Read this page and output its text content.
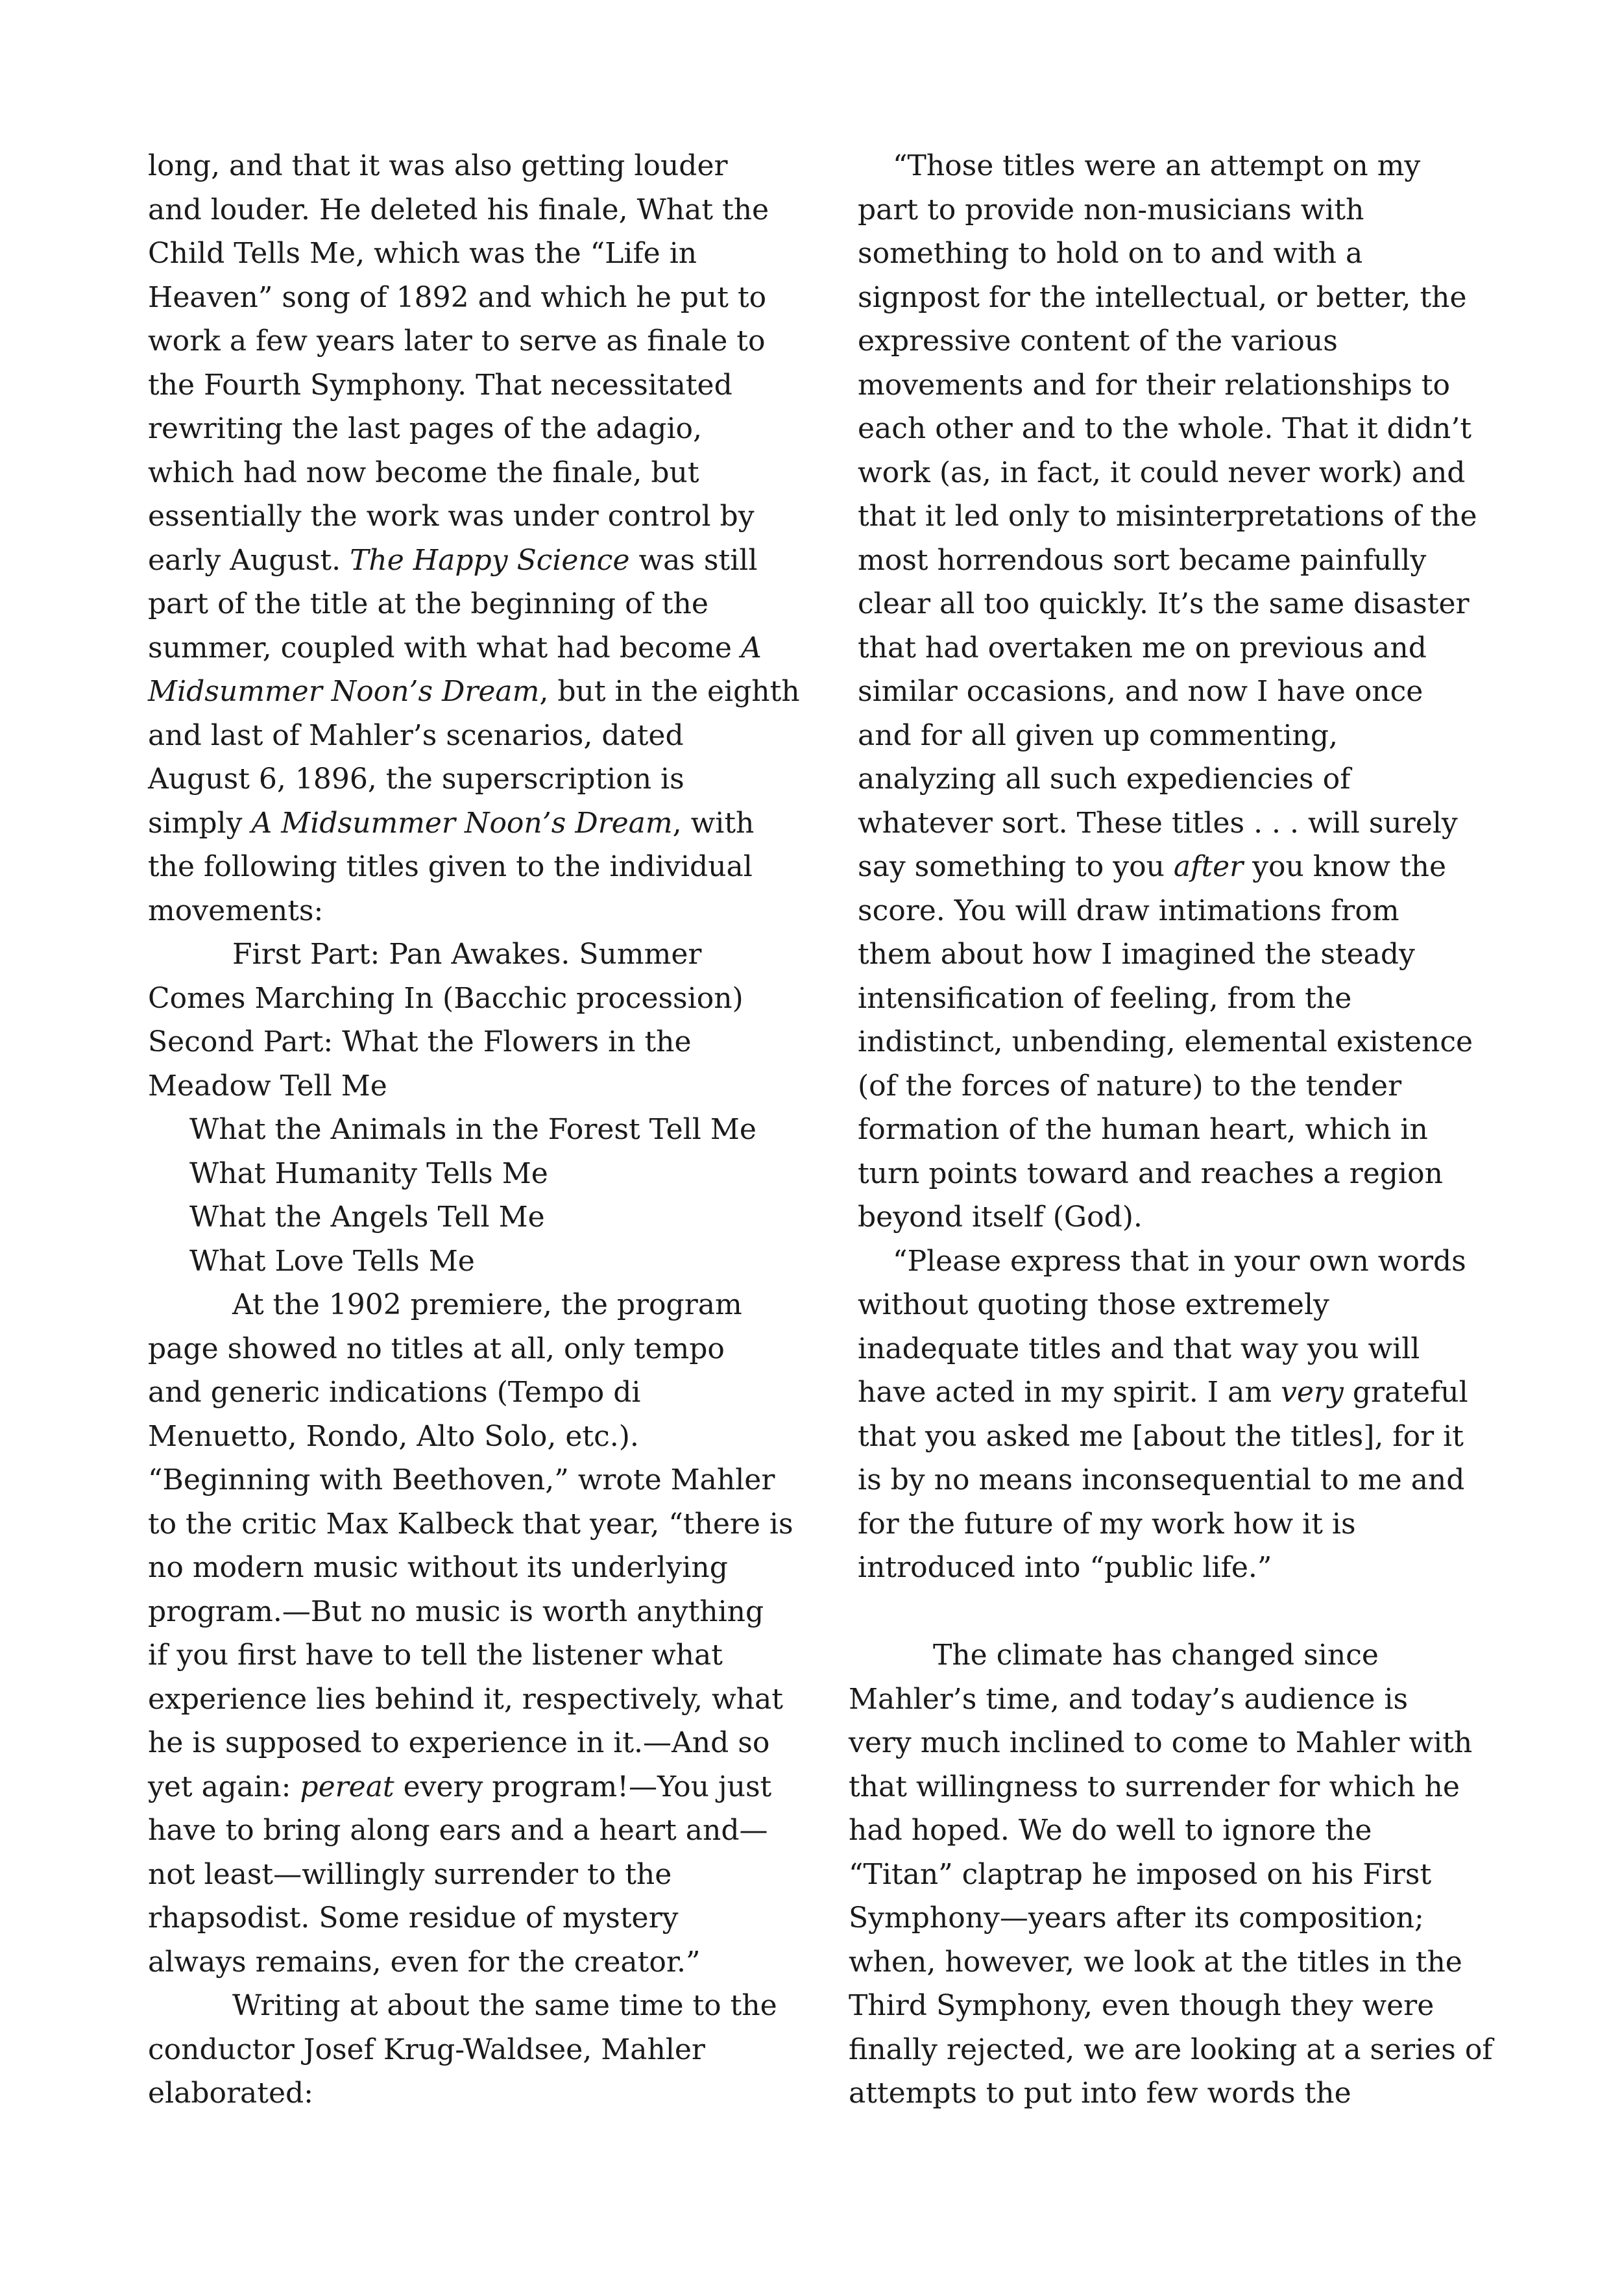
long, and that it was also getting louder
and louder. He deleted his finale, What the
Child Tells Me, which was the “Life in
Heaven” song of 1892 and which he put to
work a few years later to serve as finale to
the Fourth Symphony. That necessitated
rewriting the last pages of the adagio,
which had now become the finale, but
essentially the work was under control by
early August. The Happy Science was still
part of the title at the beginning of the
summer, coupled with what had become A
Midsummer Noon’s Dream, but in the eighth
and last of Mahler’s scenarios, dated
August 6, 1896, the superscription is
simply A Midsummer Noon’s Dream, with
the following titles given to the individual
movements:
First Part: Pan Awakes. Summer
Comes Marching In (Bacchic procession)
Second Part: What the Flowers in the
Meadow Tell Me
What the Animals in the Forest Tell Me
What Humanity Tells Me
What the Angels Tell Me
What Love Tells Me
At the 1902 premiere, the program
page showed no titles at all, only tempo
and generic indications (Tempo di
Menuetto, Rondo, Alto Solo, etc.).
“Beginning with Beethoven,” wrote Mahler
to the critic Max Kalbeck that year, “there is
no modern music without its underlying
program.—But no music is worth anything
if you first have to tell the listener what
experience lies behind it, respectively, what
he is supposed to experience in it.—And so
yet again: pereat every program!—You just
have to bring along ears and a heart and—
not least—willingly surrender to the
rhapsodist. Some residue of mystery
always remains, even for the creator.”
Writing at about the same time to the
conductor Josef Krug-Waldsee, Mahler
elaborated:
“Those titles were an attempt on my
part to provide non-musicians with
something to hold on to and with a
signpost for the intellectual, or better, the
expressive content of the various
movements and for their relationships to
each other and to the whole. That it didn’t
work (as, in fact, it could never work) and
that it led only to misinterpretations of the
most horrendous sort became painfully
clear all too quickly. It’s the same disaster
that had overtaken me on previous and
similar occasions, and now I have once
and for all given up commenting,
analyzing all such expediencies of
whatever sort. These titles . . . will surely
say something to you after you know the
score. You will draw intimations from
them about how I imagined the steady
intensification of feeling, from the
indistinct, unbending, elemental existence
(of the forces of nature) to the tender
formation of the human heart, which in
turn points toward and reaches a region
beyond itself (God).
“Please express that in your own words
without quoting those extremely
inadequate titles and that way you will
have acted in my spirit. I am very grateful
that you asked me [about the titles], for it
is by no means inconsequential to me and
for the future of my work how it is
introduced into “public life.”
The climate has changed since
Mahler’s time, and today’s audience is
very much inclined to come to Mahler with
that willingness to surrender for which he
had hoped. We do well to ignore the
“Titan” claptrap he imposed on his First
Symphony—years after its composition;
when, however, we look at the titles in the
Third Symphony, even though they were
finally rejected, we are looking at a series of
attempts to put into few words the
